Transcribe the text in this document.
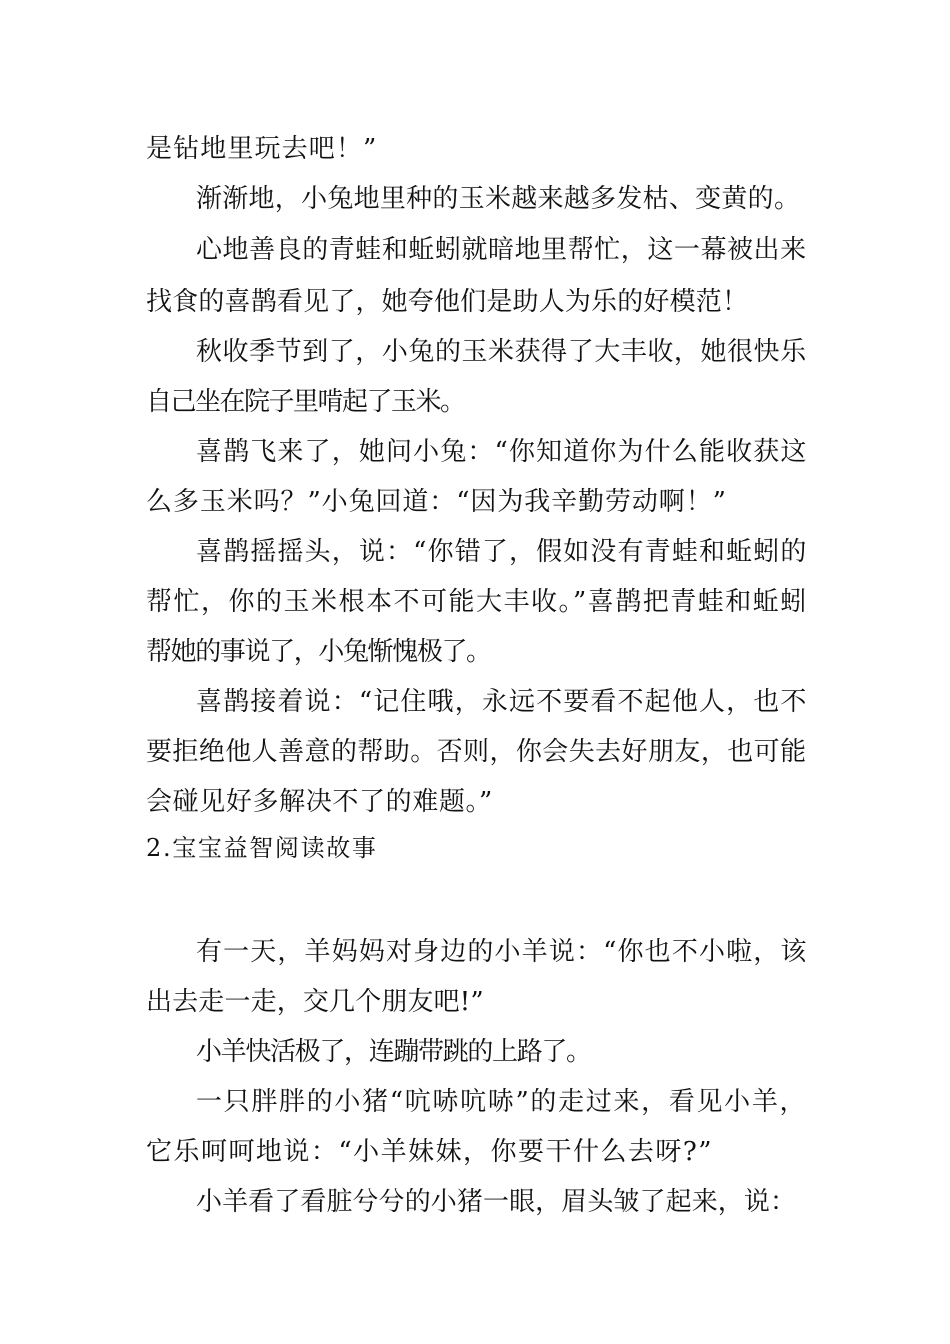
是钻地里玩去吧！”
渐渐地，小兔地里种的玉米越来越多发枯、变黄的。
心地善良的青蛙和蚯蚓就暗地里帮忙，这一幕被出来
找食的喜鹊看见了，她夸他们是助人为乐的好模范！
秋收季节到了，小兔的玉米获得了大丰收，她很快乐
自己坐在院子里啃起了玉米。
喜鹊飞来了，她问小兔：“你知道你为什么能收获这
么多玉米吗？”小兔回道：“因为我辛勤劳动啊！”
喜鹊摇摇头，说：“你错了，假如没有青蛙和蚯蚓的
帮忙，你的玉米根本不可能大丰收。”喜鹊把青蛙和蚯蚓
帮她的事说了，小兔惭愧极了。
喜鹊接着说：“记住哦，永远不要看不起他人，也不
要拒绝他人善意的帮助。否则，你会失去好朋友，也可能
会碰见好多解决不了的难题。”
2.宝宝益智阅读故事
有一天，羊妈妈对身边的小羊说：“你也不小啦，该
出去走一走，交几个朋友吧!”
小羊快活极了，连蹦带跳的上路了。
一只胖胖的小猪“吭哧吭哧”的走过来，看见小羊，
它乐呵呵地说：“小羊妹妹，你要干什么去呀?”
小羊看了看脏兮兮的小猪一眼，眉头皱了起来，说：
